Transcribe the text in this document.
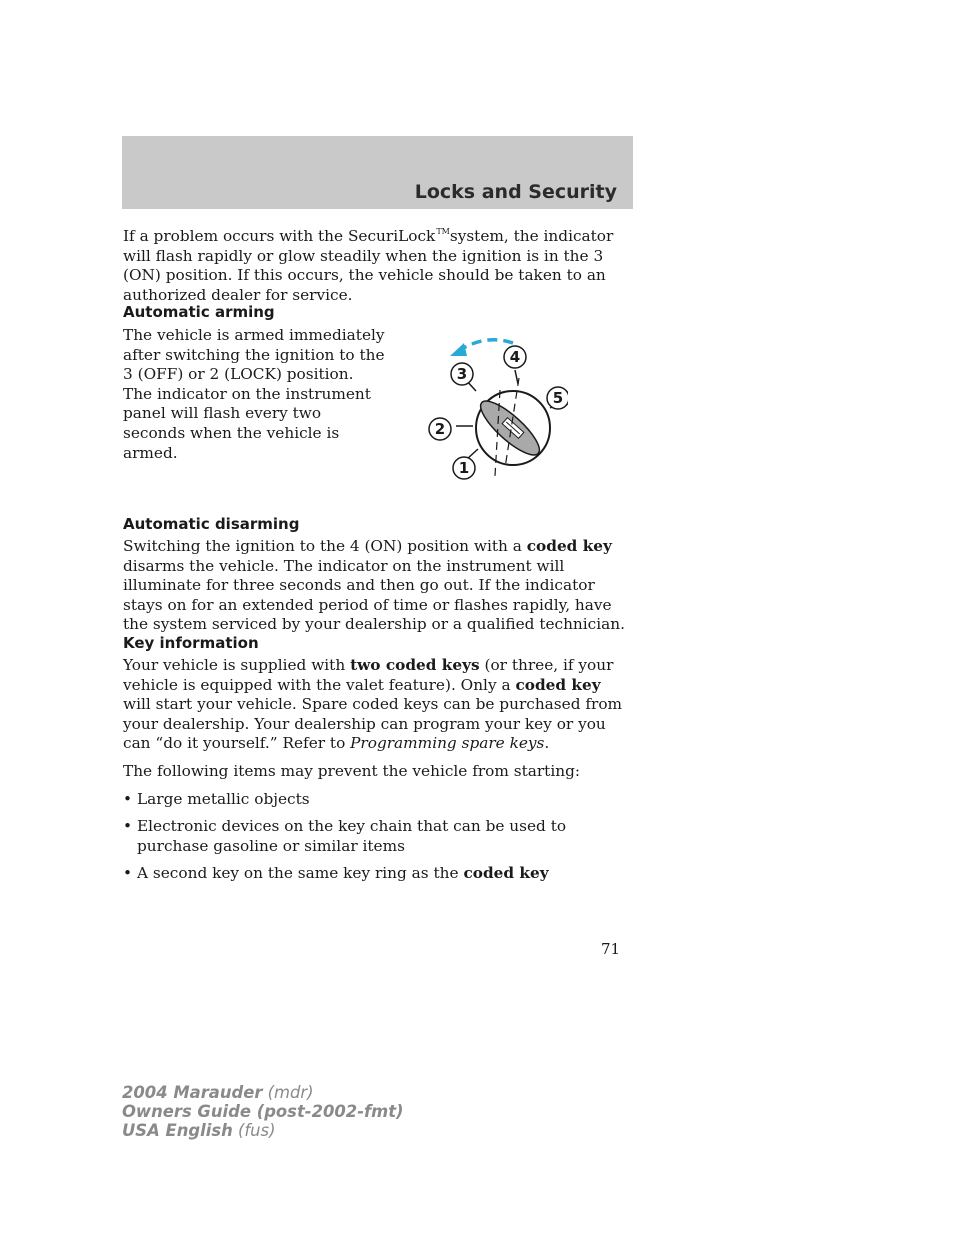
Locks and Security

If a problem occurs with the SecuriLock™system, the indicator will flash rapidly or glow steadily when the ignition is in the 3 (ON) position. If this occurs, the vehicle should be taken to an authorized dealer for service.

Automatic arming

The vehicle is armed immediately after switching the ignition to the 3 (OFF) or 2 (LOCK) position. The indicator on the instrument panel will flash every two seconds when the vehicle is armed.

3
4
5
2
1
Automatic disarming

Switching the ignition to the 4 (ON) position with a coded key disarms the vehicle. The indicator on the instrument will illuminate for three seconds and then go out. If the indicator stays on for an extended period of time or flashes rapidly, have the system serviced by your dealership or a qualified technician.

Key information

Your vehicle is supplied with two coded keys (or three, if your vehicle is equipped with the valet feature). Only a coded key will start your vehicle. Spare coded keys can be purchased from your dealership. Your dealership can program your key or you can “do it yourself.” Refer to Programming spare keys.

The following items may prevent the vehicle from starting:

• Large metallic objects

• Electronic devices on the key chain that can be used to purchase gasoline or similar items

• A second key on the same key ring as the coded key

71
2004 Marauder (mdr)
Owners Guide (post-2002-fmt)
USA English (fus)
